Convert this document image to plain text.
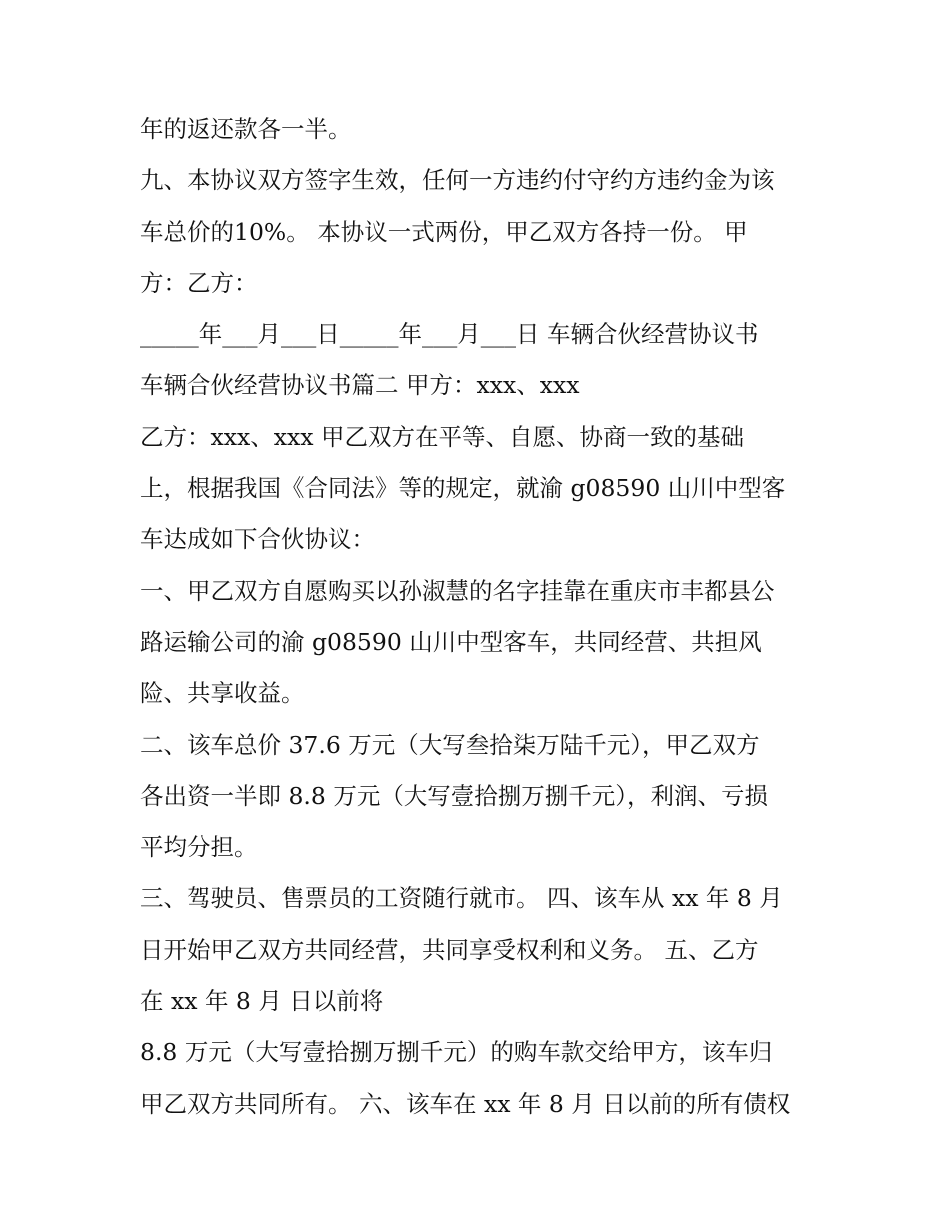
年的返还款各一半。
九、本协议双方签字生效，任何一方违约付守约方违约金为该
车总价的10%。 本协议一式两份，甲乙双方各持一份。 甲
方：乙方：
_____年___月___日_____年___月___日 车辆合伙经营协议书
车辆合伙经营协议书篇二 甲方：xxx、xxx
乙方：xxx、xxx 甲乙双方在平等、自愿、协商一致的基础
上，根据我国《合同法》等的规定，就渝 g08590 山川中型客
车达成如下合伙协议：
一、甲乙双方自愿购买以孙淑慧的名字挂靠在重庆市丰都县公
路运输公司的渝 g08590 山川中型客车，共同经营、共担风
险、共享收益。
二、该车总价 37.6 万元（大写叁拾柒万陆千元），甲乙双方
各出资一半即 8.8 万元（大写壹拾捌万捌千元），利润、亏损
平均分担。
三、驾驶员、售票员的工资随行就市。 四、该车从 xx 年 8 月
日开始甲乙双方共同经营，共同享受权利和义务。 五、乙方
在 xx 年 8 月 日以前将
8.8 万元（大写壹拾捌万捌千元）的购车款交给甲方，该车归
甲乙双方共同所有。 六、该车在 xx 年 8 月 日以前的所有债权
